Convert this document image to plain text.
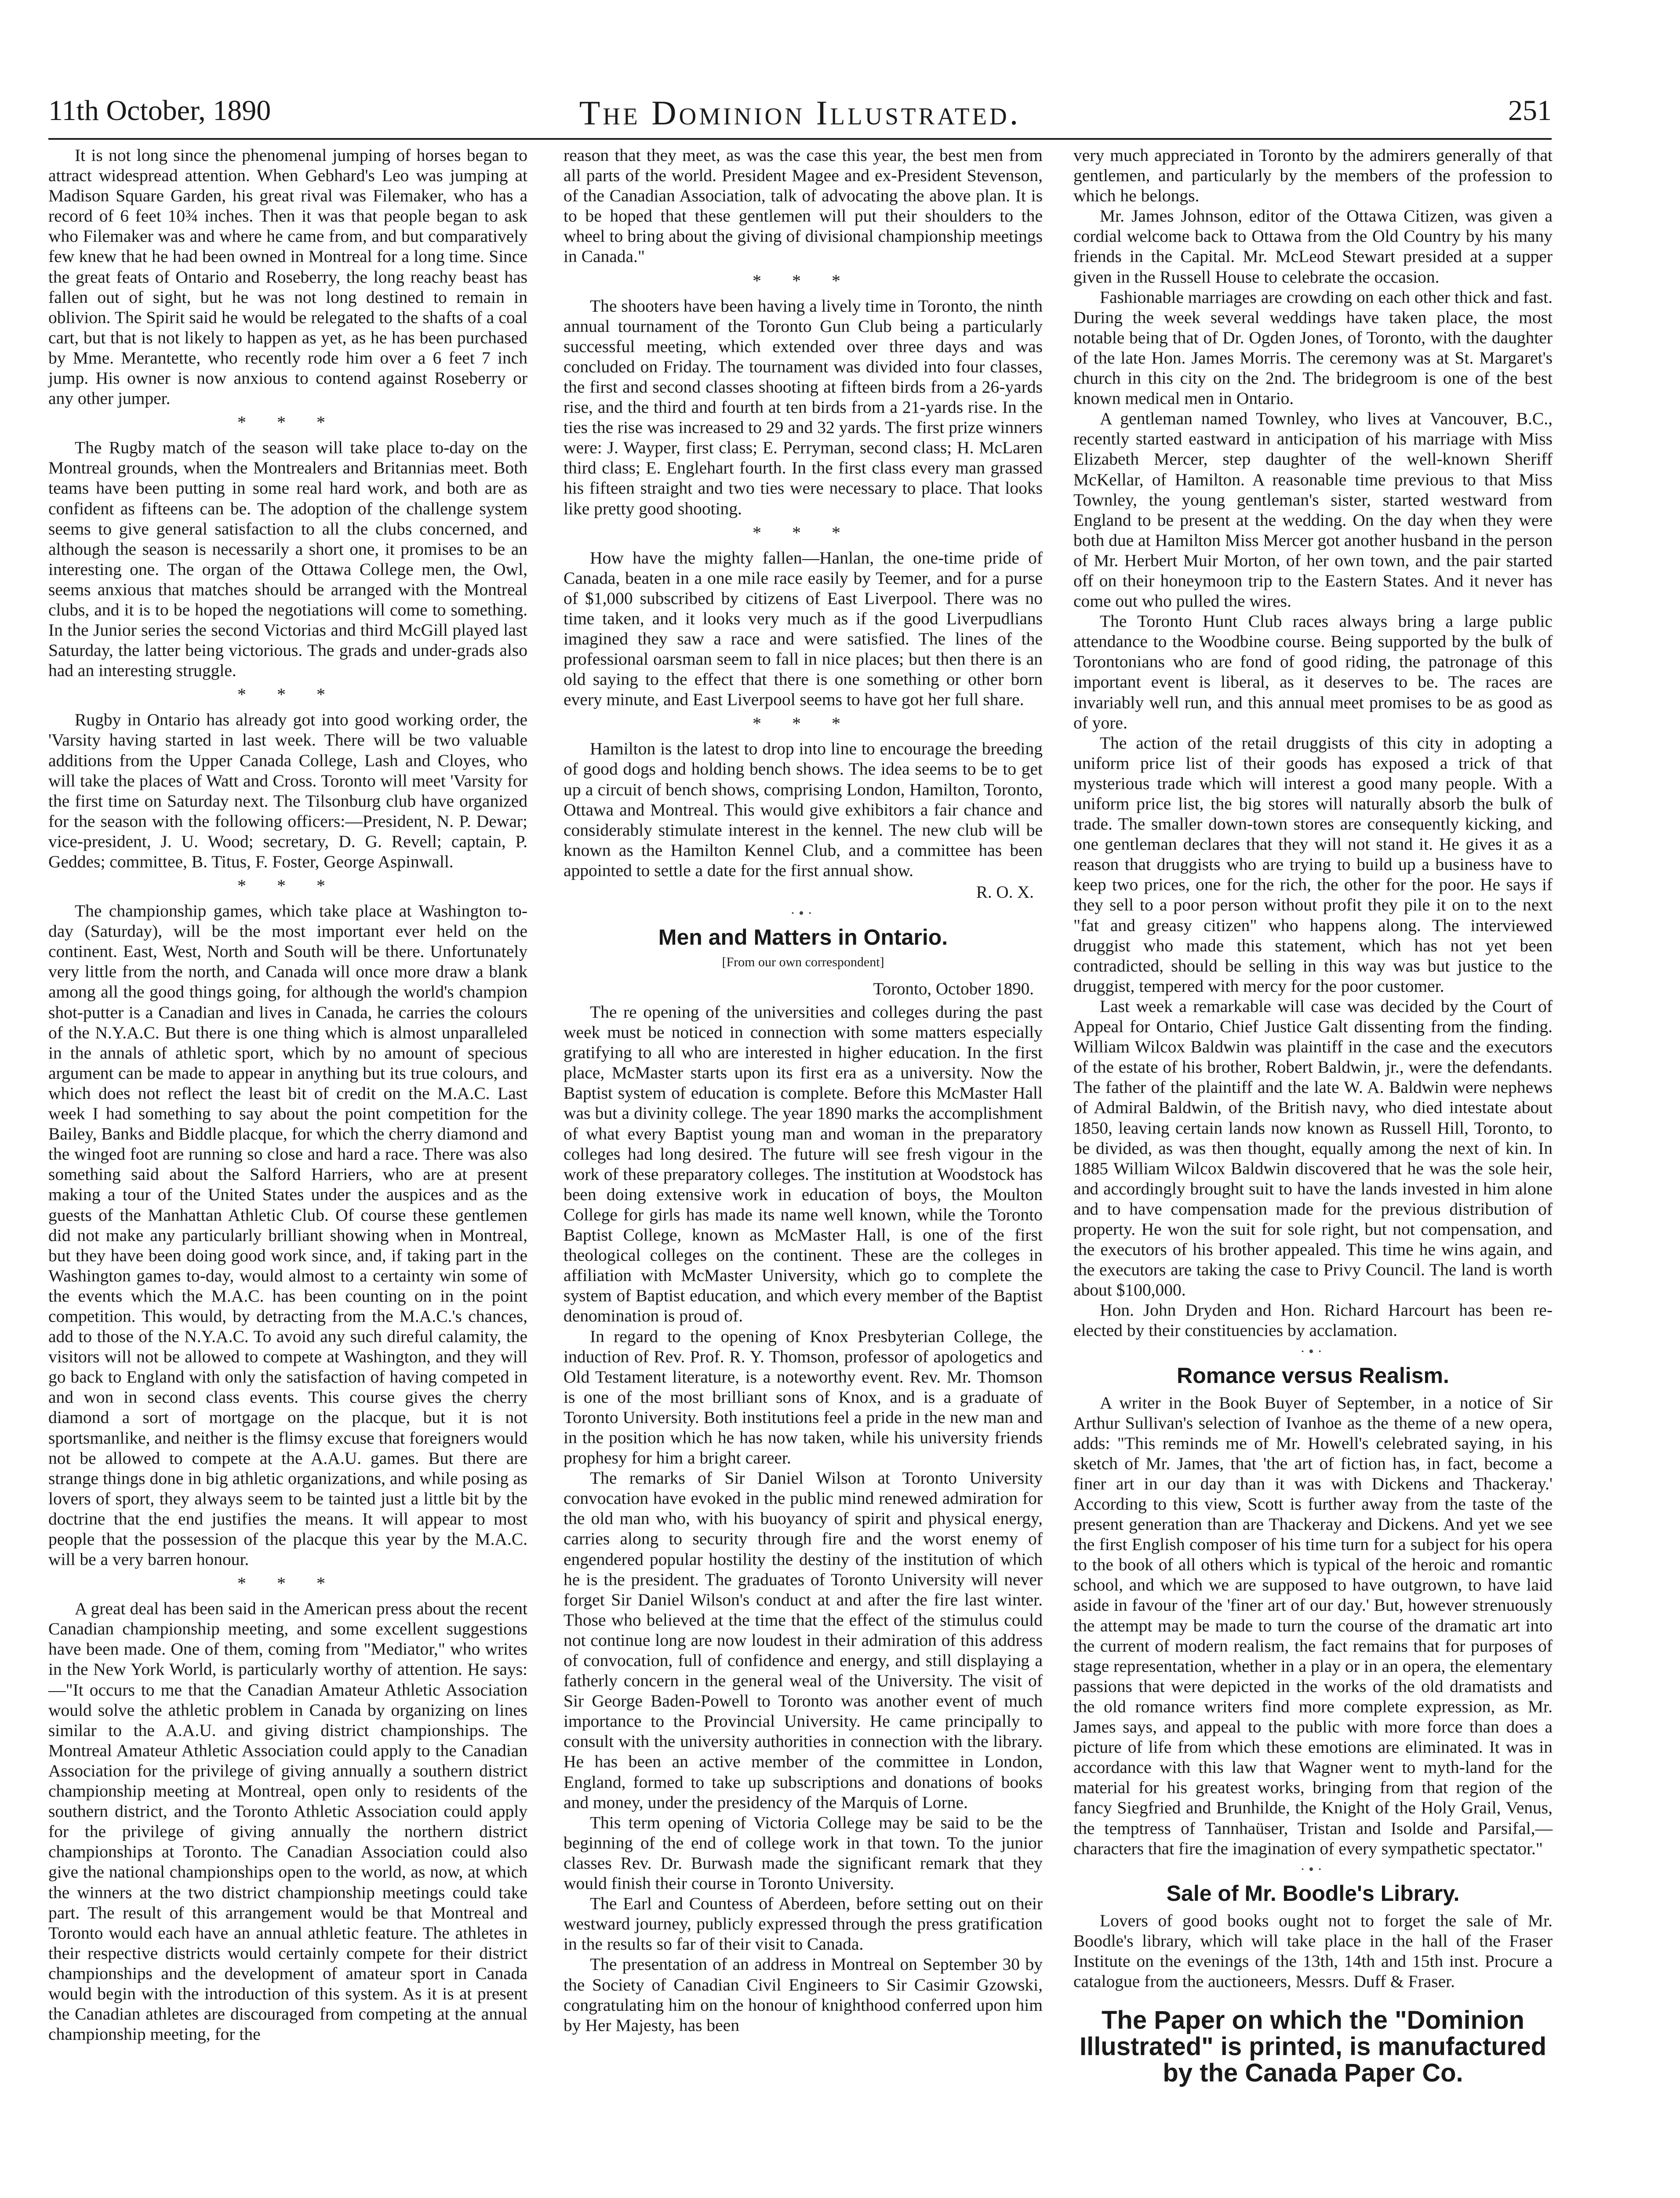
11th October, 1890	The Dominion Illustrated.	251

It is not long since the phenomenal jumping of horses began to attract widespread attention. When Gebhard's Leo was jumping at Madison Square Garden, his great rival was Filemaker, who has a record of 6 feet 10¾ inches. Then it was that people began to ask who Filemaker was and where he came from, and but comparatively few knew that he had been owned in Montreal for a long time. Since the great feats of Ontario and Roseberry, the long reachy beast has fallen out of sight, but he was not long destined to remain in oblivion. The Spirit said he would be relegated to the shafts of a coal cart, but that is not likely to happen as yet, as he has been purchased by Mme. Merantette, who recently rode him over a 6 feet 7 inch jump. His owner is now anxious to contend against Roseberry or any other jumper.

* * *

The Rugby match of the season will take place to-day on the Montreal grounds, when the Montrealers and Britannias meet. Both teams have been putting in some real hard work, and both are as confident as fifteens can be. The adoption of the challenge system seems to give general satisfaction to all the clubs concerned, and although the season is necessarily a short one, it promises to be an interesting one. The organ of the Ottawa College men, the Owl, seems anxious that matches should be arranged with the Montreal clubs, and it is to be hoped the negotiations will come to something. In the Junior series the second Victorias and third McGill played last Saturday, the latter being victorious. The grads and under-grads also had an interesting struggle.

* * *

Rugby in Ontario has already got into good working order, the 'Varsity having started in last week. There will be two valuable additions from the Upper Canada College, Lash and Cloyes, who will take the places of Watt and Cross. Toronto will meet 'Varsity for the first time on Saturday next. The Tilsonburg club have organized for the season with the following officers:—President, N. P. Dewar; vice-president, J. U. Wood; secretary, D. G. Revell; captain, P. Geddes; committee, B. Titus, F. Foster, George Aspinwall.

* * *

The championship games, which take place at Washington to-day (Saturday), will be the most important ever held on the continent. East, West, North and South will be there. Unfortunately very little from the north, and Canada will once more draw a blank among all the good things going, for although the world's champion shot-putter is a Canadian and lives in Canada, he carries the colours of the N.Y.A.C. But there is one thing which is almost unparalleled in the annals of athletic sport, which by no amount of specious argument can be made to appear in anything but its true colours, and which does not reflect the least bit of credit on the M.A.C. Last week I had something to say about the point competition for the Bailey, Banks and Biddle placque, for which the cherry diamond and the winged foot are running so close and hard a race. There was also something said about the Salford Harriers, who are at present making a tour of the United States under the auspices and as the guests of the Manhattan Athletic Club. Of course these gentlemen did not make any particularly brilliant showing when in Montreal, but they have been doing good work since, and, if taking part in the Washington games to-day, would almost to a certainty win some of the events which the M.A.C. has been counting on in the point competition. This would, by detracting from the M.A.C.'s chances, add to those of the N.Y.A.C. To avoid any such direful calamity, the visitors will not be allowed to compete at Washington, and they will go back to England with only the satisfaction of having competed in and won in second class events. This course gives the cherry diamond a sort of mortgage on the placque, but it is not sportsmanlike, and neither is the flimsy excuse that foreigners would not be allowed to compete at the A.A.U. games. But there are strange things done in big athletic organizations, and while posing as lovers of sport, they always seem to be tainted just a little bit by the doctrine that the end justifies the means. It will appear to most people that the possession of the placque this year by the M.A.C. will be a very barren honour.

* * *

A great deal has been said in the American press about the recent Canadian championship meeting, and some excellent suggestions have been made. One of them, coming from "Mediator," who writes in the New York World, is particularly worthy of attention. He says:—"It occurs to me that the Canadian Amateur Athletic Association would solve the athletic problem in Canada by organizing on lines similar to the A.A.U. and giving district championships. The Montreal Amateur Athletic Association could apply to the Canadian Association for the privilege of giving annually a southern district championship meeting at Montreal, open only to residents of the southern district, and the Toronto Athletic Association could apply for the privilege of giving annually the northern district championships at Toronto. The Canadian Association could also give the national championships open to the world, as now, at which the winners at the two district championship meetings could take part. The result of this arrangement would be that Montreal and Toronto would each have an annual athletic feature. The athletes in their respective districts would certainly compete for their district championships and the development of amateur sport in Canada would begin with the introduction of this system. As it is at present the Canadian athletes are discouraged from competing at the annual championship meeting, for the

reason that they meet, as was the case this year, the best men from all parts of the world. President Magee and ex-President Stevenson, of the Canadian Association, talk of advocating the above plan. It is to be hoped that these gentlemen will put their shoulders to the wheel to bring about the giving of divisional championship meetings in Canada."

* * *

The shooters have been having a lively time in Toronto, the ninth annual tournament of the Toronto Gun Club being a particularly successful meeting, which extended over three days and was concluded on Friday. The tournament was divided into four classes, the first and second classes shooting at fifteen birds from a 26-yards rise, and the third and fourth at ten birds from a 21-yards rise. In the ties the rise was increased to 29 and 32 yards. The first prize winners were: J. Wayper, first class; E. Perryman, second class; H. McLaren third class; E. Englehart fourth. In the first class every man grassed his fifteen straight and two ties were necessary to place. That looks like pretty good shooting.

* * *

How have the mighty fallen—Hanlan, the one-time pride of Canada, beaten in a one mile race easily by Teemer, and for a purse of $1,000 subscribed by citizens of East Liverpool. There was no time taken, and it looks very much as if the good Liverpudlians imagined they saw a race and were satisfied. The lines of the professional oarsman seem to fall in nice places; but then there is an old saying to the effect that there is one something or other born every minute, and East Liverpool seems to have got her full share.

* * *

Hamilton is the latest to drop into line to encourage the breeding of good dogs and holding bench shows. The idea seems to be to get up a circuit of bench shows, comprising London, Hamilton, Toronto, Ottawa and Montreal. This would give exhibitors a fair chance and considerably stimulate interest in the kennel. The new club will be known as the Hamilton Kennel Club, and a committee has been appointed to settle a date for the first annual show.

R. O. X.
·•·
Men and Matters in Ontario.
[From our own correspondent]
Toronto, October 1890.

The re opening of the universities and colleges during the past week must be noticed in connection with some matters especially gratifying to all who are interested in higher education. In the first place, McMaster starts upon its first era as a university. Now the Baptist system of education is complete. Before this McMaster Hall was but a divinity college. The year 1890 marks the accomplishment of what every Baptist young man and woman in the preparatory colleges had long desired. The future will see fresh vigour in the work of these preparatory colleges. The institution at Woodstock has been doing extensive work in education of boys, the Moulton College for girls has made its name well known, while the Toronto Baptist College, known as McMaster Hall, is one of the first theological colleges on the continent. These are the colleges in affiliation with McMaster University, which go to complete the system of Baptist education, and which every member of the Baptist denomination is proud of.

In regard to the opening of Knox Presbyterian College, the induction of Rev. Prof. R. Y. Thomson, professor of apologetics and Old Testament literature, is a noteworthy event. Rev. Mr. Thomson is one of the most brilliant sons of Knox, and is a graduate of Toronto University. Both institutions feel a pride in the new man and in the position which he has now taken, while his university friends prophesy for him a bright career.

The remarks of Sir Daniel Wilson at Toronto University convocation have evoked in the public mind renewed admiration for the old man who, with his buoyancy of spirit and physical energy, carries along to security through fire and the worst enemy of engendered popular hostility the destiny of the institution of which he is the president. The graduates of Toronto University will never forget Sir Daniel Wilson's conduct at and after the fire last winter. Those who believed at the time that the effect of the stimulus could not continue long are now loudest in their admiration of this address of convocation, full of confidence and energy, and still displaying a fatherly concern in the general weal of the University. The visit of Sir George Baden-Powell to Toronto was another event of much importance to the Provincial University. He came principally to consult with the university authorities in connection with the library. He has been an active member of the committee in London, England, formed to take up subscriptions and donations of books and money, under the presidency of the Marquis of Lorne.

This term opening of Victoria College may be said to be the beginning of the end of college work in that town. To the junior classes Rev. Dr. Burwash made the significant remark that they would finish their course in Toronto University.

The Earl and Countess of Aberdeen, before setting out on their westward journey, publicly expressed through the press gratification in the results so far of their visit to Canada.

The presentation of an address in Montreal on September 30 by the Society of Canadian Civil Engineers to Sir Casimir Gzowski, congratulating him on the honour of knighthood conferred upon him by Her Majesty, has been

very much appreciated in Toronto by the admirers generally of that gentlemen, and particularly by the members of the profession to which he belongs.

Mr. James Johnson, editor of the Ottawa Citizen, was given a cordial welcome back to Ottawa from the Old Country by his many friends in the Capital. Mr. McLeod Stewart presided at a supper given in the Russell House to celebrate the occasion.

Fashionable marriages are crowding on each other thick and fast. During the week several weddings have taken place, the most notable being that of Dr. Ogden Jones, of Toronto, with the daughter of the late Hon. James Morris. The ceremony was at St. Margaret's church in this city on the 2nd. The bridegroom is one of the best known medical men in Ontario.

A gentleman named Townley, who lives at Vancouver, B.C., recently started eastward in anticipation of his marriage with Miss Elizabeth Mercer, step daughter of the well-known Sheriff McKellar, of Hamilton. A reasonable time previous to that Miss Townley, the young gentleman's sister, started westward from England to be present at the wedding. On the day when they were both due at Hamilton Miss Mercer got another husband in the person of Mr. Herbert Muir Morton, of her own town, and the pair started off on their honeymoon trip to the Eastern States. And it never has come out who pulled the wires.

The Toronto Hunt Club races always bring a large public attendance to the Woodbine course. Being supported by the bulk of Torontonians who are fond of good riding, the patronage of this important event is liberal, as it deserves to be. The races are invariably well run, and this annual meet promises to be as good as of yore.

The action of the retail druggists of this city in adopting a uniform price list of their goods has exposed a trick of that mysterious trade which will interest a good many people. With a uniform price list, the big stores will naturally absorb the bulk of trade. The smaller down-town stores are consequently kicking, and one gentleman declares that they will not stand it. He gives it as a reason that druggists who are trying to build up a business have to keep two prices, one for the rich, the other for the poor. He says if they sell to a poor person without profit they pile it on to the next "fat and greasy citizen" who happens along. The interviewed druggist who made this statement, which has not yet been contradicted, should be selling in this way was but justice to the druggist, tempered with mercy for the poor customer.

Last week a remarkable will case was decided by the Court of Appeal for Ontario, Chief Justice Galt dissenting from the finding. William Wilcox Baldwin was plaintiff in the case and the executors of the estate of his brother, Robert Baldwin, jr., were the defendants. The father of the plaintiff and the late W. A. Baldwin were nephews of Admiral Baldwin, of the British navy, who died intestate about 1850, leaving certain lands now known as Russell Hill, Toronto, to be divided, as was then thought, equally among the next of kin. In 1885 William Wilcox Baldwin discovered that he was the sole heir, and accordingly brought suit to have the lands invested in him alone and to have compensation made for the previous distribution of property. He won the suit for sole right, but not compensation, and the executors of his brother appealed. This time he wins again, and the executors are taking the case to Privy Council. The land is worth about $100,000.

Hon. John Dryden and Hon. Richard Harcourt has been re-elected by their constituencies by acclamation.

·•·
Romance versus Realism.

A writer in the Book Buyer of September, in a notice of Sir Arthur Sullivan's selection of Ivanhoe as the theme of a new opera, adds: "This reminds me of Mr. Howell's celebrated saying, in his sketch of Mr. James, that 'the art of fiction has, in fact, become a finer art in our day than it was with Dickens and Thackeray.' According to this view, Scott is further away from the taste of the present generation than are Thackeray and Dickens. And yet we see the first English composer of his time turn for a subject for his opera to the book of all others which is typical of the heroic and romantic school, and which we are supposed to have outgrown, to have laid aside in favour of the 'finer art of our day.' But, however strenuously the attempt may be made to turn the course of the dramatic art into the current of modern realism, the fact remains that for purposes of stage representation, whether in a play or in an opera, the elementary passions that were depicted in the works of the old dramatists and the old romance writers find more complete expression, as Mr. James says, and appeal to the public with more force than does a picture of life from which these emotions are eliminated. It was in accordance with this law that Wagner went to myth-land for the material for his greatest works, bringing from that region of the fancy Siegfried and Brunhilde, the Knight of the Holy Grail, Venus, the temptress of Tannhaüser, Tristan and Isolde and Parsifal,—characters that fire the imagination of every sympathetic spectator."

·•·
Sale of Mr. Boodle's Library.

Lovers of good books ought not to forget the sale of Mr. Boodle's library, which will take place in the hall of the Fraser Institute on the evenings of the 13th, 14th and 15th inst. Procure a catalogue from the auctioneers, Messrs. Duff & Fraser.

The Paper on which the "Dominion Illustrated" is printed, is manufactured by the Canada Paper Co.
